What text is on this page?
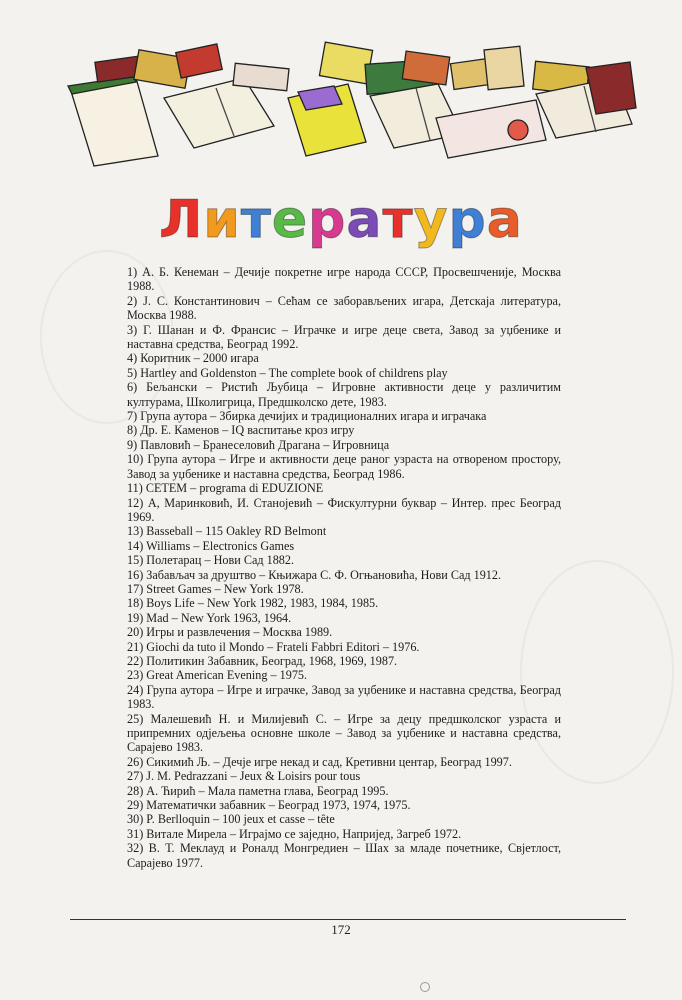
Литература
1) А. Б. Кенеман – Дечије покретне игре народа СССР, Просвешченије, Москва 1988.
2) Ј. С. Константинович – Сећам се заборављених игара, Детскаја литература, Москва 1988.
3) Г. Шанан и Ф. Франсис – Играчке и игре деце света, Завод за уџбенике и наставна средства, Београд 1992.
4) Коритник – 2000 игара
5) Hartley and Goldenston – The complete book of childrens play
6) Бељански – Ристић Љубица – Игровне активности деце у различитим културама, Школигрица, Предшколско дете, 1983.
7) Група аутора – Збирка дечијих и традиционалних игара и играчака
8) Др. Е. Каменов – IQ васпитање кроз игру
9) Павловић – Бранеселовић Драгана – Игровница
10) Група аутора – Игре и активности деце раног узраста на отвореном простору, Завод за уџбенике и наставна средства, Београд 1986.
11) CETEM – programa di EDUZIONE
12) А, Маринковић, И. Станојевић – Фискултурни буквар – Интер. прес Београд 1969.
13) Basseball – 115 Oakley RD Belmont
14) Williams – Electronics Games
15) Полетарац – Нови Сад 1882.
16) Забављач за друштво – Књижара С. Ф. Огњановића, Нови Сад 1912.
17) Street Games – New York 1978.
18) Boys Life – New York 1982, 1983, 1984, 1985.
19) Mad – New York 1963, 1964.
20) Игры и развлечения – Москва 1989.
21) Giochi da tuto il Mondo – Frateli Fabbri Editori – 1976.
22) Политикин Забавник, Београд, 1968, 1969, 1987.
23) Great American Evening – 1975.
24) Група аутора – Игре и играчке, Завод за уџбенике и наставна средства, Београд 1983.
25) Малешевић Н. и Милијевић С. – Игре за децу предшколског узраста и припремних одјељења основне школе – Завод за уџбенике и наставна средства, Сарајево 1983.
26) Сикимић Љ. – Дечје игре некад и сад, Кретивни центар, Београд 1997.
27) J. M. Pedrazzani – Jeux & Loisirs pour tous
28) А. Ћирић – Мала паметна глава, Београд 1995.
29) Математички забавник – Београд 1973, 1974, 1975.
30) P. Berlloquin – 100 jeux et casse – tête
31) Витале Мирела – Играјмо се заједно, Напријед, Загреб 1972.
32) В. Т. Меклауд и Роналд Монгредиен – Шах за младе почетнике, Свјетлост, Сарајево 1977.
172
